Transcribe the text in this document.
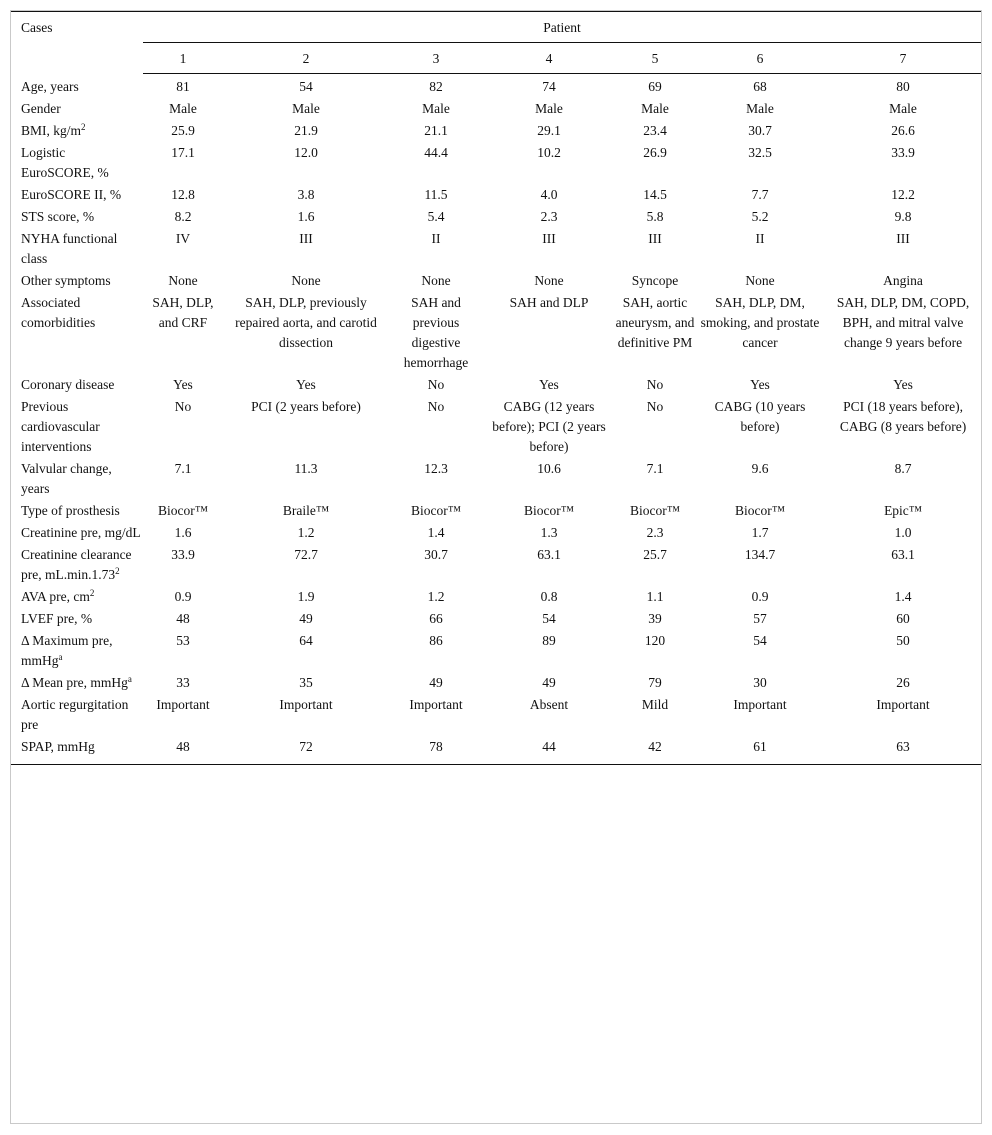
Cases	Patient						
	1	2	3	4	5	6	7
Age, years	81	54	82	74	69	68	80
Gender	Male	Male	Male	Male	Male	Male	Male
BMI, $kg/m^2$	25.9	21.9	21.1	29.1	23.4	30.7	26.6
Logistic EuroSCORE, %	17.1	12.0	44.4	10.2	26.9	32.5	33.9
EuroSCORE II, %	12.8	3.8	11.5	4.0	14.5	7.7	12.2
STS score, %	8.2	1.6	5.4	2.3	5.8	5.2	9.8
NYHA functional class	IV	III	II	III	III	II	III
Other symptoms	None	None	None	None	Syncope	None	Angina
Associated comorbidities	SAH, DLP, and CRF	SAH, DLP, previously repaired aorta, and carotid dissection	SAH and previous digestive hemorrhage	SAH and DLP	SAH, aortic aneurysm, and definitive PM	SAH, DLP, DM, smoking, and prostate cancer	SAH, DLP, DM, COPD, BPH, and mitral valve change 9 years before
Coronary disease	Yes	Yes	No	Yes	No	Yes	Yes
Previous cardiovascular interventions	No	PCI (2 years before)	No	CABG (12 years before); PCI (2 years before)	No	CABG (10 years before)	PCI (18 years before), CABG (8 years before)
Valvular change, years	7.1	11.3	12.3	10.6	7.1	9.6	8.7
Type of prosthesis	Biocor™	Braile™	Biocor™	Biocor™	Biocor™	Biocor™	Epic™
Creatinine pre, mg/dL	1.6	1.2	1.4	1.3	2.3	1.7	1.0
Creatinine clearance pre, mL.min.1.73$^2$	33.9	72.7	30.7	63.1	25.7	134.7	63.1
AVA pre, $cm^2$	0.9	1.9	1.2	0.8	1.1	0.9	1.4
LVEF pre, %	48	49	66	54	39	57	60
Δ Maximum pre, mmHg$^a$	53	64	86	89	120	54	50
Δ Mean pre, mmHg$^a$	33	35	49	49	79	30	26
Aortic regurgitation pre	Important	Important	Important	Absent	Mild	Important	Important
SPAP, mmHg	48	72	78	44	42	61	63
